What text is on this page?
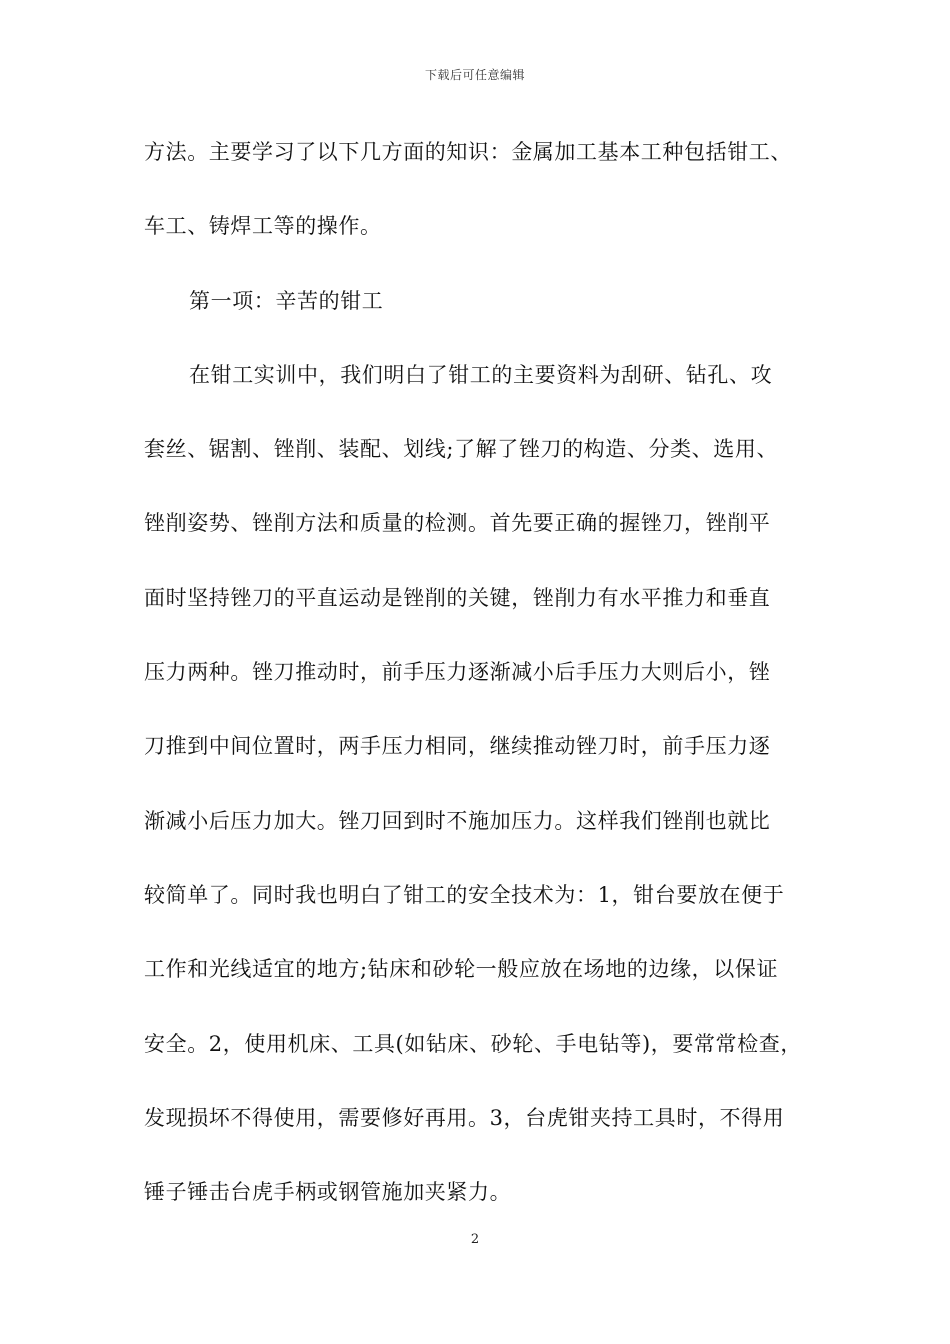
下载后可任意编辑
方法。主要学习了以下几方面的知识：金属加工基本工种包括钳工、
车工、铸焊工等的操作。
第一项：辛苦的钳工
在钳工实训中，我们明白了钳工的主要资料为刮研、钻孔、攻
套丝、锯割、锉削、装配、划线;了解了锉刀的构造、分类、选用、
锉削姿势、锉削方法和质量的检测。首先要正确的握锉刀，锉削平
面时坚持锉刀的平直运动是锉削的关键，锉削力有水平推力和垂直
压力两种。锉刀推动时，前手压力逐渐减小后手压力大则后小，锉
刀推到中间位置时，两手压力相同，继续推动锉刀时，前手压力逐
渐减小后压力加大。锉刀回到时不施加压力。这样我们锉削也就比
较简单了。同时我也明白了钳工的安全技术为：1，钳台要放在便于
工作和光线适宜的地方;钻床和砂轮一般应放在场地的边缘，以保证
安全。2，使用机床、工具(如钻床、砂轮、手电钻等)，要常常检查，
发现损坏不得使用，需要修好再用。3，台虎钳夹持工具时，不得用
锤子锤击台虎手柄或钢管施加夹紧力。
2
